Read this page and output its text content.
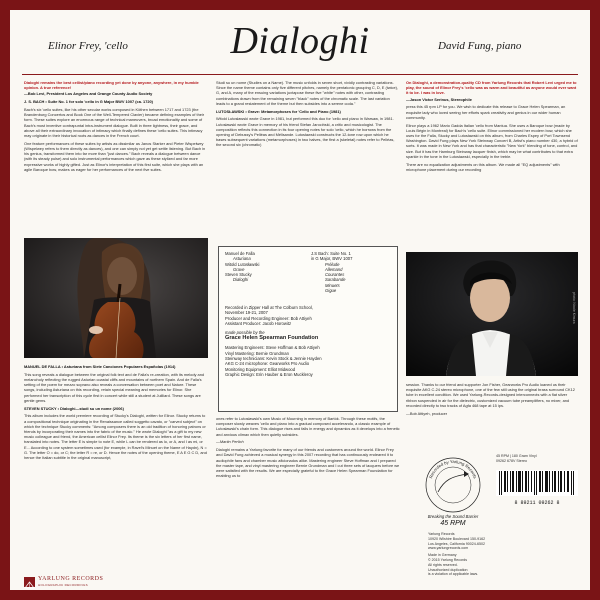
Elinor Frey, 'cello	Dialoghi	David Fung, piano

Dialoghi remains the best cellist/piano recording yet done by anyone, anywhere, in my humble opinion. A true reference!

—Bob Levi, President Los Angeles and Orange County Audio Society

J. S. BACH • Suite No. 1 for solo 'cello in G Major BWV 1007 (ca. 1720)

Bach's six 'cello suites, like his other secular works composed in Köthen between 1717 and 1723 (the Brandenburg Concertos and Book One of the Well-Tempered Clavier) became defining examples of their form. These suites explore an enormous range of technical maneuvers, broad emotionality and some of Bach's most inventive contrapuntal intra-instrument dialogue. Built in three lightness, their grace, and above all their extraordinary invocation of intimacy which finally defines these 'cello suites. This intimacy may originate in their historical roots as dances in the French court.

One feature performances of these suites by artists as dissimilar as Janos Starker and Pieter Wispelwey (Wispelwey refers to them directly as dances), and one can simply not yet get settle listening. But Bach in his genius, transformed them into far more than "just dances." Bach reveals a dialogue between dance (with its steady pulse) and solo instrumental performances which gave as these stylized and far more expressive works of highly gifted. Just as Elinor's interpretation of this first suite, which she plays with an agile Baroque bow, makes us eager for her performances of the next five suites.

MANUEL DE FALLA • Asturiana from Siete Canciones Populares Españolas (1914)

This song reveals a dialogue between the original folk text and de Falla's re-creation, with its melody and melancholy reflecting the rugged Asturian coastal cliffs and mountains of northern Spain. And de Falla's setting of the poem for mezzo soprano also reveals a conversation between poet and Nature. These songs, including Asturiana on this recording, retain special meaning and memories for Elinor. She performed her transcription of this cycle first in concert while still a student at Juilliard. These songs are gentle gems.

STEVEN STUCKY • Dialoghi—studi su un nome (2006)

This album includes the world premiere recording of Stucky's Dialoghi, written for Elinor. Stucky returns to a compositional technique originating in the Renaissance called soggetto cavato, or "carved subject" on which the technique Stucky comments: "Among composers there is an old tradition of honoring patrons or friends by incorporating their names into the fabric of the music." He wrote Dialoghi "as a gift to my new music colleague and friend, the American cellist Elinor Frey. Its theme is the six letters of her first name, translated into notes. The letter E is simple to note E, while L can be rendered as lo, or A, and I as mi, or E... According to one system sometimes used (for example, in Ravel's Minuet on the Name of Haydn), N = G. The letter O = do, or C; the letter R = re, or D. Hence the notes of the opening theme, E A E G C D, and hence the Italian subtitle in the original manuscript,

Studi su un nome (Studies on a Name). The music unfolds in seven short, vividly contrasting variations. Since the name theme contains only five different pitches, namely the pentatonic grouping C, D, E (twice), G, and A, many of the ensuing variations juxtapose these five "white" notes with other, contrasting combinations drawn from the remaining seven "black" notes of the chromatic scale. The last variation leads to a grand restatement of the theme but then subsides into a serene coda."

LUTOSŁAWSKI • Grave: Metamorphoses for 'Cello and Piano (1981)

Witold Lutosławski wrote Grave in 1981, but performed this duo for 'cello and piano in Warsaw, in 1981. Lutosławski wrote Grave in memory of his friend Stefan Jarociński, a critic and musicologist. The composition reflects this connection in its four opening notes for solo 'cello, which he borrows from the opening of Debussy's Pelléas and Mélisande. Lutosławski constructs the 12-tone row upon which he bases subsequent variations (metamorphoses) in two halves, the first a (skeletal) notes refer to Pelléas, the second six (chromatic)

Manuel de Falla
Asturiana
Witold Lutosławski
Grave
Steven Stucky
Dialoghi
J.S Bach: Suite No. 1
in G Major, BWV 1007
Prélude
Allemand
Courantes
Sarabande
Minuets
Gigue
Recorded in Zipper Hall at The Colburn School,
November 19-21, 2007
Producer and Recording Engineer: Bob Attiyeh
Assistant Producer: Jacob Horowitz
made possible by the
Grace Helen Spearman Foundation
Mastering Engineers: Steve Hoffman & Bob Attiyeh
Vinyl Mastering: Bernie Grundman
Steinway technicians: Kevin Stock & Jennie Hayden
AKG C-24 microphone: Gearworks Pro Audio
Monitoring Equipment: Elliot Midwood
Graphic Design: Erin Hauber & Eron Muckleroy

ones refer to Lutosławski's own Music of Mourning in memory of Bartók. Through these motifs, the composer slowly weaves 'cello and piano into a gradual composed accelerando, a classic example of Lutosławski's chain form. This dialogue rises and falls in energy and dynamics as it develops into a frenetic and anxious climax which then quietly subsides.

—Martin Perlich

Dialoghi remains a Yarlung favorite for many of our friends and customers around the world. Elinor Frey and David Fung achieved a musical synergy in this 2007 recording that has continuously endeared it to audiophile fans and chamber music aficionados alike. Mastering engineer Steve Hoffman and I prepared the master tape, and vinyl mastering engineer Bernie Grundman and I cut three sets of lacquers before we were satisfied with the results. We are especially grateful to the Grace Helen Spearman Foundation for enabling us to

On Dialoghi, a demonstration-quality CD from Yarlung Records that Robert Levi urged me to play, the sound of Elinor Frey's 'cello was as warm and beautiful as anyone would ever want it to be. I was in love.

—Jason Victor Serinus, Stereophile

press this 45 rpm LP for you. We wish to dedicate this release to Grace Helen Spearman, an exquisite lady who loved seeing her efforts spark creativity and genius in our wider human community.

Elinor plays a 1962 Mario Gadda Italian 'cello from Mantua. She uses a Baroque bow (made by Louis Bégin in Montreal) for Bach's 'cello suite. Elinor commissioned her modern bow, which she uses for the Falla, Stucky and Lutosławski on this album, from Charles Espey of Port Townsend Washington. David Fung plays New York Steinway Concert B, Artist's piano number 430, a hybrid of sorts. It was made in New York and has that characteristic "New York" blending of tone, control, and size. But it has the Hamburg Steinway lacquer finish, which may be what contributes to that extra sparkle in the tone in the Lutosławski, especially in the treble.

There are no equalization adjustments on this album. We made all "EQ adjustments" with microphone placement during our recording

photo: Nicole Kimura

session. Thanks to our friend and supporter Jon Fisher, Gearworks Pro Audio loaned us their exquisite AKG C-24 stereo microphone, one of the few still using the original brass surround CK12 tube in excellent condition. We used Yarlung-Records-designed interconnects with a flat silver ribbon suspended in air for the dielectric, customized vacuum tube preamplifiers, no mixer, and recorded directly to two tracks of Agfa 468 tape at 15 ips.

—Bob Attiyeh, producer

45 RPM | 180 Gram Vinyl
09262 678V Stereo
8 89211 09262 8
Recorded by Yarlung Records
Breaking the Sound Barrier
45 RPM
Yarlung Records
10920 Wilshire Boulevard 150-9162
Los Angeles, California 90024-6502
www.yarlungrecords.com
Made in Germany
© 2015 Yarlung Records
All rights reserved.
Unauthorized duplication
is a violation of applicable laws.
YARLUNG RECORDS
HOLOGRAPHIC RECORDINGS
